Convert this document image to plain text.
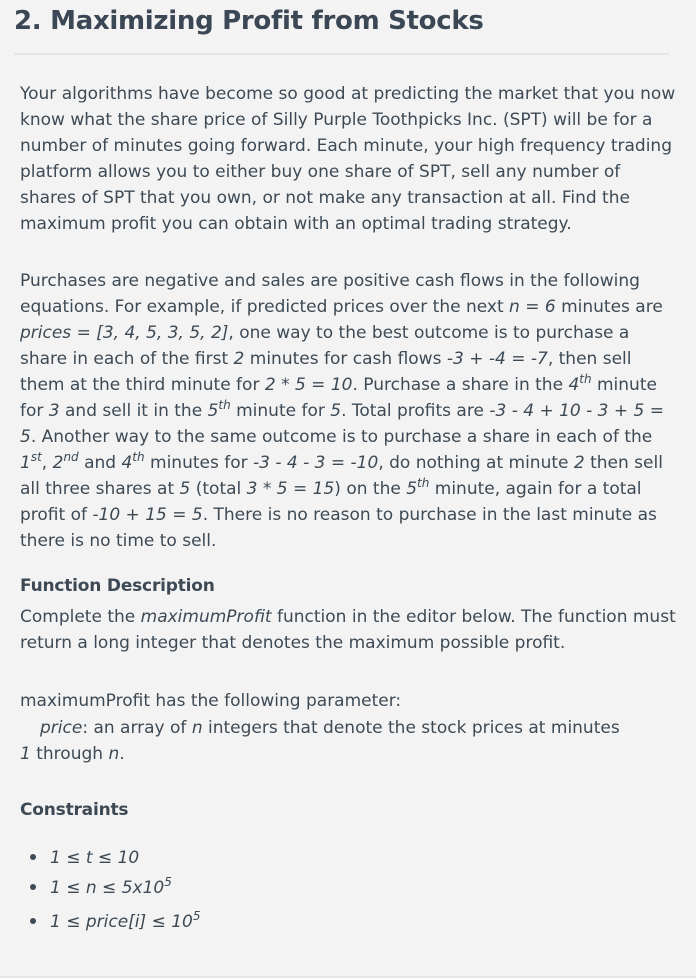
2. Maximizing Profit from Stocks

Your algorithms have become so good at predicting the market that you now know what the share price of Silly Purple Toothpicks Inc. (SPT) will be for a number of minutes going forward. Each minute, your high frequency trading platform allows you to either buy one share of SPT, sell any number of shares of SPT that you own, or not make any transaction at all. Find the maximum profit you can obtain with an optimal trading strategy.

Purchases are negative and sales are positive cash flows in the following equations. For example, if predicted prices over the next n = 6 minutes are prices = [3, 4, 5, 3, 5, 2], one way to the best outcome is to purchase a share in each of the first 2 minutes for cash flows -3 + -4 = -7, then sell them at the third minute for 2 * 5 = 10. Purchase a share in the 4th minute for 3 and sell it in the 5th minute for 5. Total profits are -3 - 4 + 10 - 3 + 5 = 5. Another way to the same outcome is to purchase a share in each of the 1st, 2nd and 4th minutes for -3 - 4 - 3 = -10, do nothing at minute 2 then sell all three shares at 5 (total 3 * 5 = 15) on the 5th minute, again for a total profit of -10 + 15 = 5. There is no reason to purchase in the last minute as there is no time to sell.

Function Description

Complete the maximumProfit function in the editor below. The function must return a long integer that denotes the maximum possible profit.

maximumProfit has the following parameter:

price: an array of n integers that denote the stock prices at minutes

1 through n.

Constraints

1 ≤ t ≤ 10

$1 \le n \le 5x10^5$

1 ≤ price[i] ≤ $10^5$
